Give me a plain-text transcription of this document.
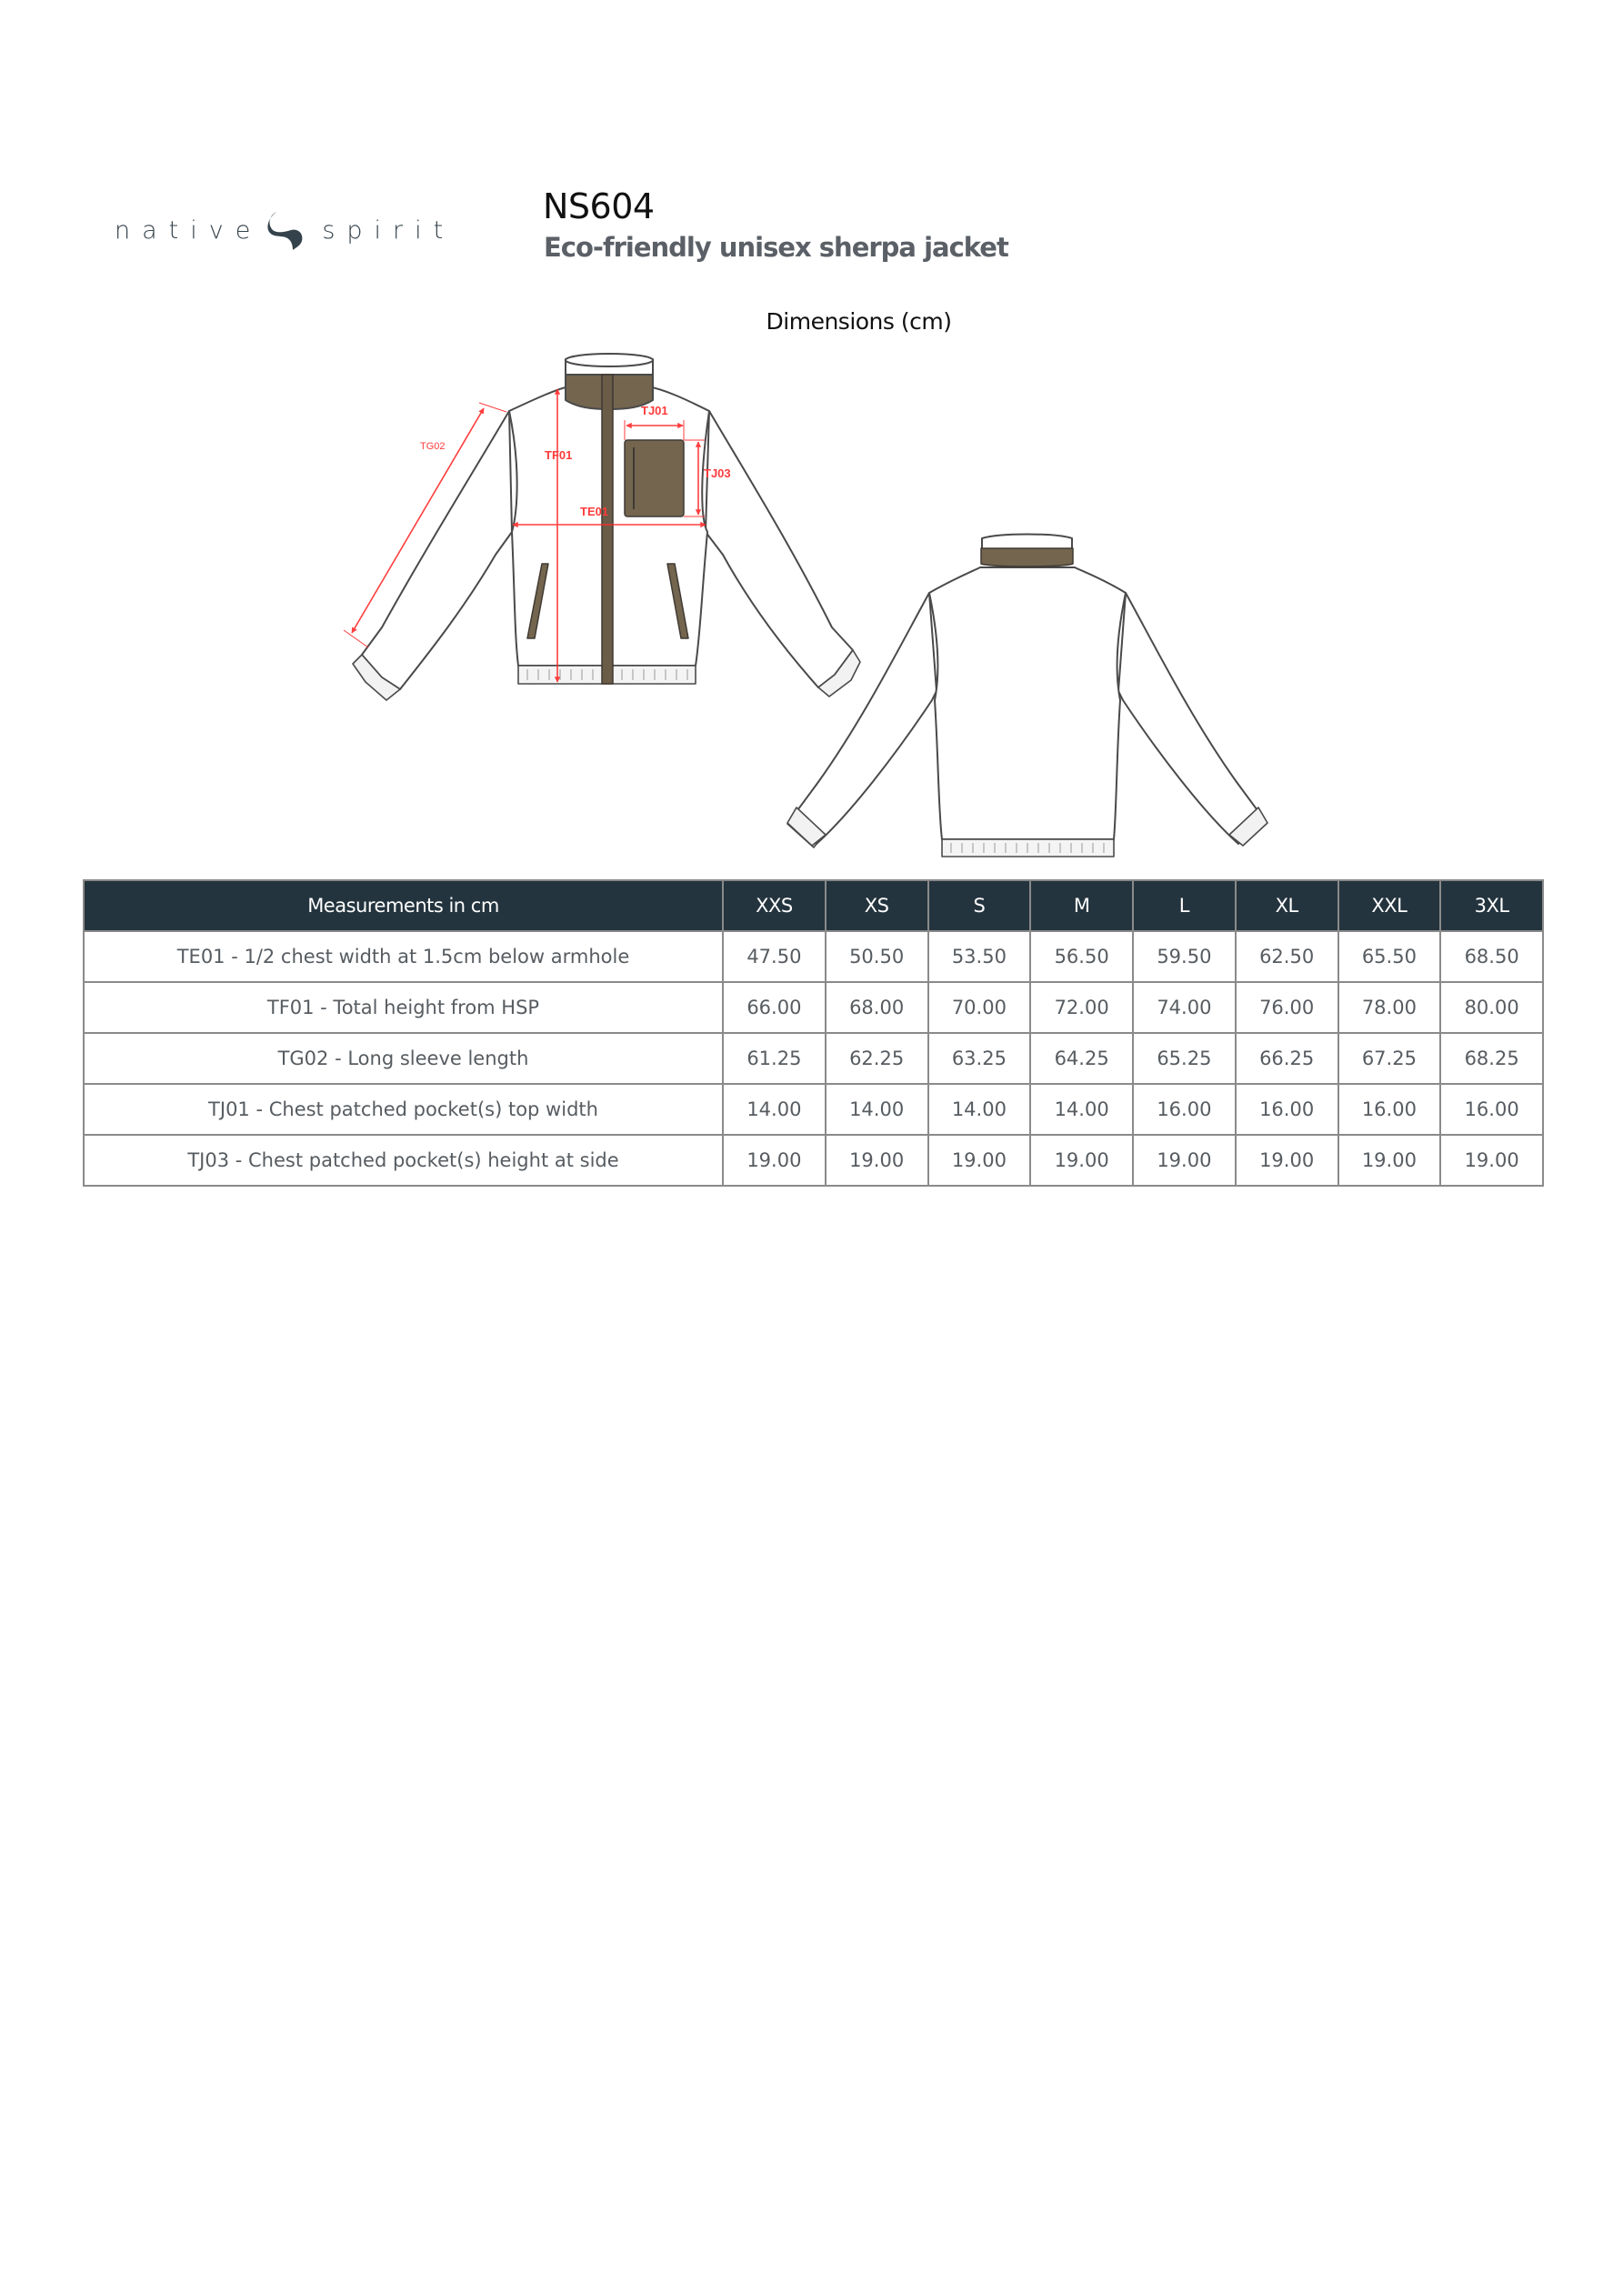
native spirit
NS604
Eco-friendly unisex sherpa jacket
Dimensions (cm)
TF01
TE01
TJ01
TJ03
TG02
Measurements in cm	XXS	XS	S	M	L	XL	XXL	3XL
TE01 - 1/2 chest width at 1.5cm below armhole	47.50	50.50	53.50	56.50	59.50	62.50	65.50	68.50
TF01 - Total height from HSP	66.00	68.00	70.00	72.00	74.00	76.00	78.00	80.00
TG02 - Long sleeve length	61.25	62.25	63.25	64.25	65.25	66.25	67.25	68.25
TJ01 - Chest patched pocket(s) top width	14.00	14.00	14.00	14.00	16.00	16.00	16.00	16.00
TJ03 - Chest patched pocket(s) height at side	19.00	19.00	19.00	19.00	19.00	19.00	19.00	19.00
